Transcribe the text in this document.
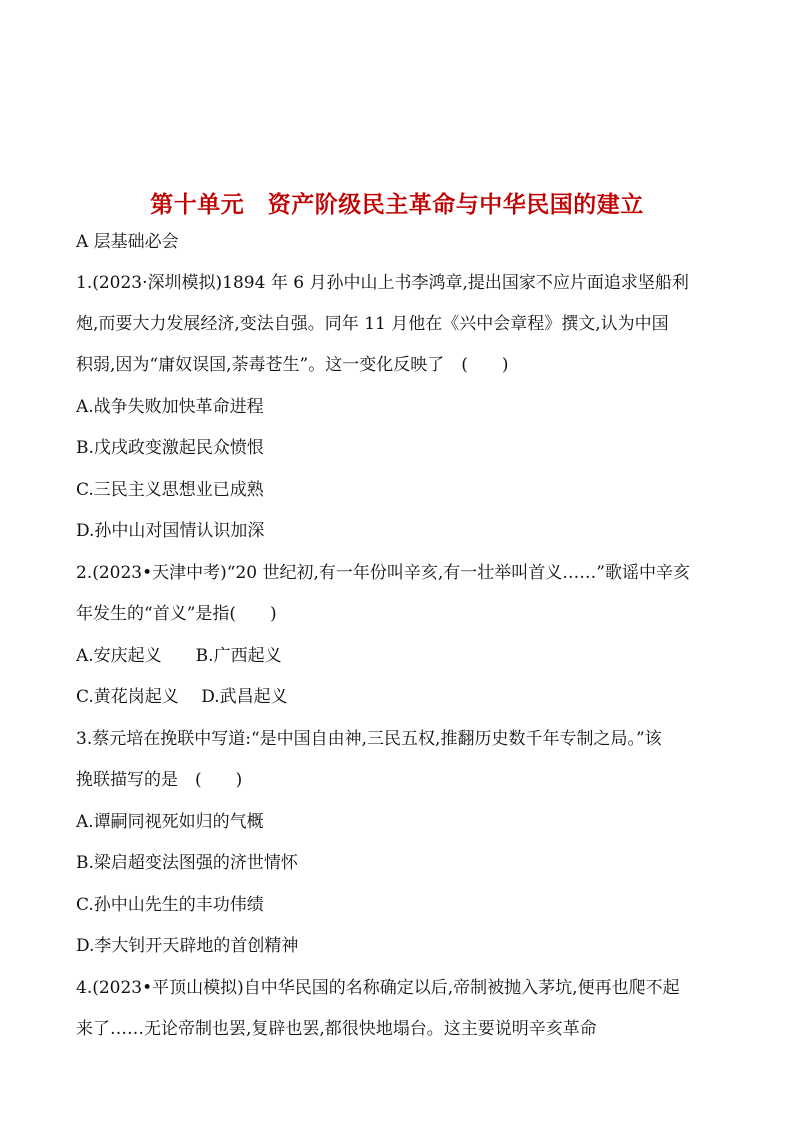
第十单元　资产阶级民主革命与中华民国的建立
A 层基础必会
1.(2023·深圳模拟)1894 年 6 月孙中山上书李鸿章,提出国家不应片面追求坚船利
炮,而要大力发展经济,变法自强。同年 11 月他在《兴中会章程》撰文,认为中国
积弱,因为“庸奴误国,荼毒苍生”。这一变化反映了　(　　)
A.战争失败加快革命进程
B.戊戌政变激起民众愤恨
C.三民主义思想业已成熟
D.孙中山对国情认识加深
2.(2023•天津中考)“20 世纪初,有一年份叫辛亥,有一壮举叫首义……”歌谣中辛亥
年发生的“首义”是指(　　)
A.安庆起义　　B.广西起义
C.黄花岗起义　 D.武昌起义
3.蔡元培在挽联中写道:“是中国自由神,三民五权,推翻历史数千年专制之局。”该
挽联描写的是　(　　)
A.谭嗣同视死如归的气概
B.梁启超变法图强的济世情怀
C.孙中山先生的丰功伟绩
D.李大钊开天辟地的首创精神
4.(2023•平顶山模拟)自中华民国的名称确定以后,帝制被抛入茅坑,便再也爬不起
来了……无论帝制也罢,复辟也罢,都很快地塌台。这主要说明辛亥革命
